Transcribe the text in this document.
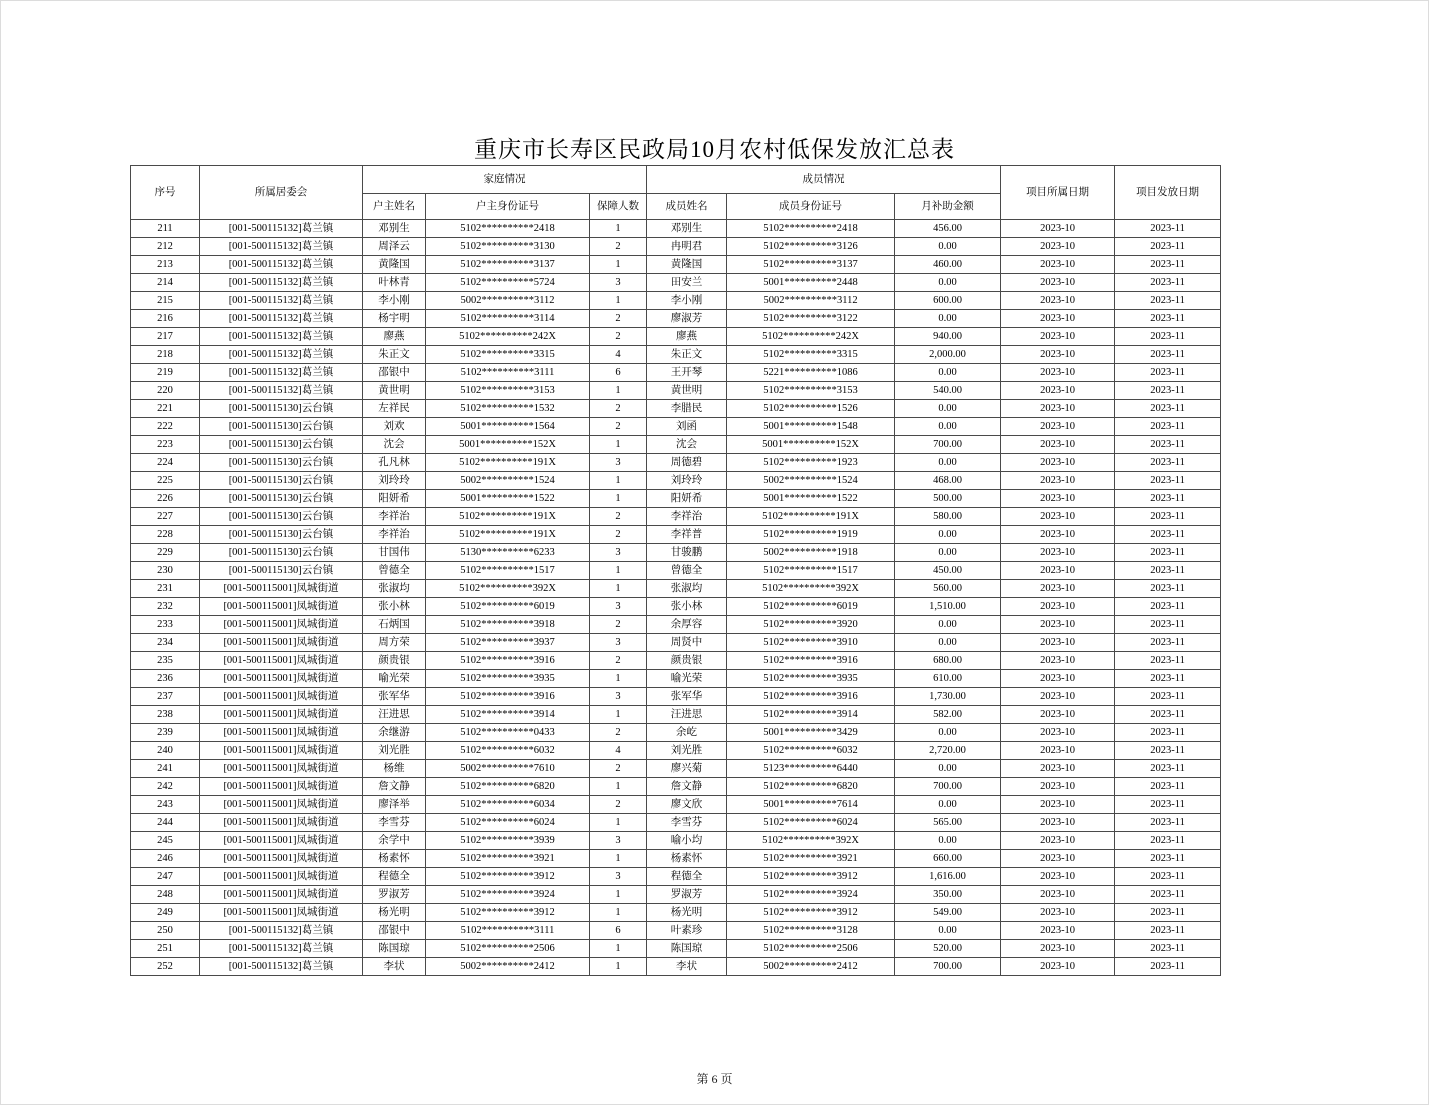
重庆市长寿区民政局10月农村低保发放汇总表
序号	所属居委会	家庭情况			成员情况			项目所属日期	项目发放日期
		户主姓名	户主身份证号	保障人数	成员姓名	成员身份证号	月补助金额		
211	[001-500115132]葛兰镇	邓别生	5102**********2418	1	邓别生	5102**********2418	456.00	2023-10	2023-11
212	[001-500115132]葛兰镇	周泽云	5102**********3130	2	冉明君	5102**********3126	0.00	2023-10	2023-11
213	[001-500115132]葛兰镇	黄隆国	5102**********3137	1	黄隆国	5102**********3137	460.00	2023-10	2023-11
214	[001-500115132]葛兰镇	叶林青	5102**********5724	3	田安兰	5001**********2448	0.00	2023-10	2023-11
215	[001-500115132]葛兰镇	李小刚	5002**********3112	1	李小刚	5002**********3112	600.00	2023-10	2023-11
216	[001-500115132]葛兰镇	杨宇明	5102**********3114	2	廖淑芳	5102**********3122	0.00	2023-10	2023-11
217	[001-500115132]葛兰镇	廖燕	5102**********242X	2	廖燕	5102**********242X	940.00	2023-10	2023-11
218	[001-500115132]葛兰镇	朱正文	5102**********3315	4	朱正文	5102**********3315	2,000.00	2023-10	2023-11
219	[001-500115132]葛兰镇	邵银中	5102**********3111	6	王开琴	5221**********1086	0.00	2023-10	2023-11
220	[001-500115132]葛兰镇	黄世明	5102**********3153	1	黄世明	5102**********3153	540.00	2023-10	2023-11
221	[001-500115130]云台镇	左祥民	5102**********1532	2	李腊民	5102**********1526	0.00	2023-10	2023-11
222	[001-500115130]云台镇	刘欢	5001**********1564	2	刘函	5001**********1548	0.00	2023-10	2023-11
223	[001-500115130]云台镇	沈会	5001**********152X	1	沈会	5001**********152X	700.00	2023-10	2023-11
224	[001-500115130]云台镇	孔凡林	5102**********191X	3	周德碧	5102**********1923	0.00	2023-10	2023-11
225	[001-500115130]云台镇	刘玲玲	5002**********1524	1	刘玲玲	5002**********1524	468.00	2023-10	2023-11
226	[001-500115130]云台镇	阳妍希	5001**********1522	1	阳妍希	5001**********1522	500.00	2023-10	2023-11
227	[001-500115130]云台镇	李祥治	5102**********191X	2	李祥治	5102**********191X	580.00	2023-10	2023-11
228	[001-500115130]云台镇	李祥治	5102**********191X	2	李祥普	5102**********1919	0.00	2023-10	2023-11
229	[001-500115130]云台镇	甘国伟	5130**********6233	3	甘骏鹏	5002**********1918	0.00	2023-10	2023-11
230	[001-500115130]云台镇	曾德全	5102**********1517	1	曾德全	5102**********1517	450.00	2023-10	2023-11
231	[001-500115001]凤城街道	张淑均	5102**********392X	1	张淑均	5102**********392X	560.00	2023-10	2023-11
232	[001-500115001]凤城街道	张小林	5102**********6019	3	张小林	5102**********6019	1,510.00	2023-10	2023-11
233	[001-500115001]凤城街道	石炳国	5102**********3918	2	余厚容	5102**********3920	0.00	2023-10	2023-11
234	[001-500115001]凤城街道	周方荣	5102**********3937	3	周贤中	5102**********3910	0.00	2023-10	2023-11
235	[001-500115001]凤城街道	颜贵银	5102**********3916	2	颜贵银	5102**********3916	680.00	2023-10	2023-11
236	[001-500115001]凤城街道	喻光荣	5102**********3935	1	喻光荣	5102**********3935	610.00	2023-10	2023-11
237	[001-500115001]凤城街道	张军华	5102**********3916	3	张军华	5102**********3916	1,730.00	2023-10	2023-11
238	[001-500115001]凤城街道	汪进思	5102**********3914	1	汪进思	5102**********3914	582.00	2023-10	2023-11
239	[001-500115001]凤城街道	余继游	5102**********0433	2	余屹	5001**********3429	0.00	2023-10	2023-11
240	[001-500115001]凤城街道	刘光胜	5102**********6032	4	刘光胜	5102**********6032	2,720.00	2023-10	2023-11
241	[001-500115001]凤城街道	杨维	5002**********7610	2	廖兴菊	5123**********6440	0.00	2023-10	2023-11
242	[001-500115001]凤城街道	詹文静	5102**********6820	1	詹文静	5102**********6820	700.00	2023-10	2023-11
243	[001-500115001]凤城街道	廖泽举	5102**********6034	2	廖文欣	5001**********7614	0.00	2023-10	2023-11
244	[001-500115001]凤城街道	李雪芬	5102**********6024	1	李雪芬	5102**********6024	565.00	2023-10	2023-11
245	[001-500115001]凤城街道	余学中	5102**********3939	3	喻小均	5102**********392X	0.00	2023-10	2023-11
246	[001-500115001]凤城街道	杨素怀	5102**********3921	1	杨素怀	5102**********3921	660.00	2023-10	2023-11
247	[001-500115001]凤城街道	程德全	5102**********3912	3	程德全	5102**********3912	1,616.00	2023-10	2023-11
248	[001-500115001]凤城街道	罗淑芳	5102**********3924	1	罗淑芳	5102**********3924	350.00	2023-10	2023-11
249	[001-500115001]凤城街道	杨光明	5102**********3912	1	杨光明	5102**********3912	549.00	2023-10	2023-11
250	[001-500115132]葛兰镇	邵银中	5102**********3111	6	叶素珍	5102**********3128	0.00	2023-10	2023-11
251	[001-500115132]葛兰镇	陈国琼	5102**********2506	1	陈国琼	5102**********2506	520.00	2023-10	2023-11
252	[001-500115132]葛兰镇	李状	5002**********2412	1	李状	5002**********2412	700.00	2023-10	2023-11
第 6 页
